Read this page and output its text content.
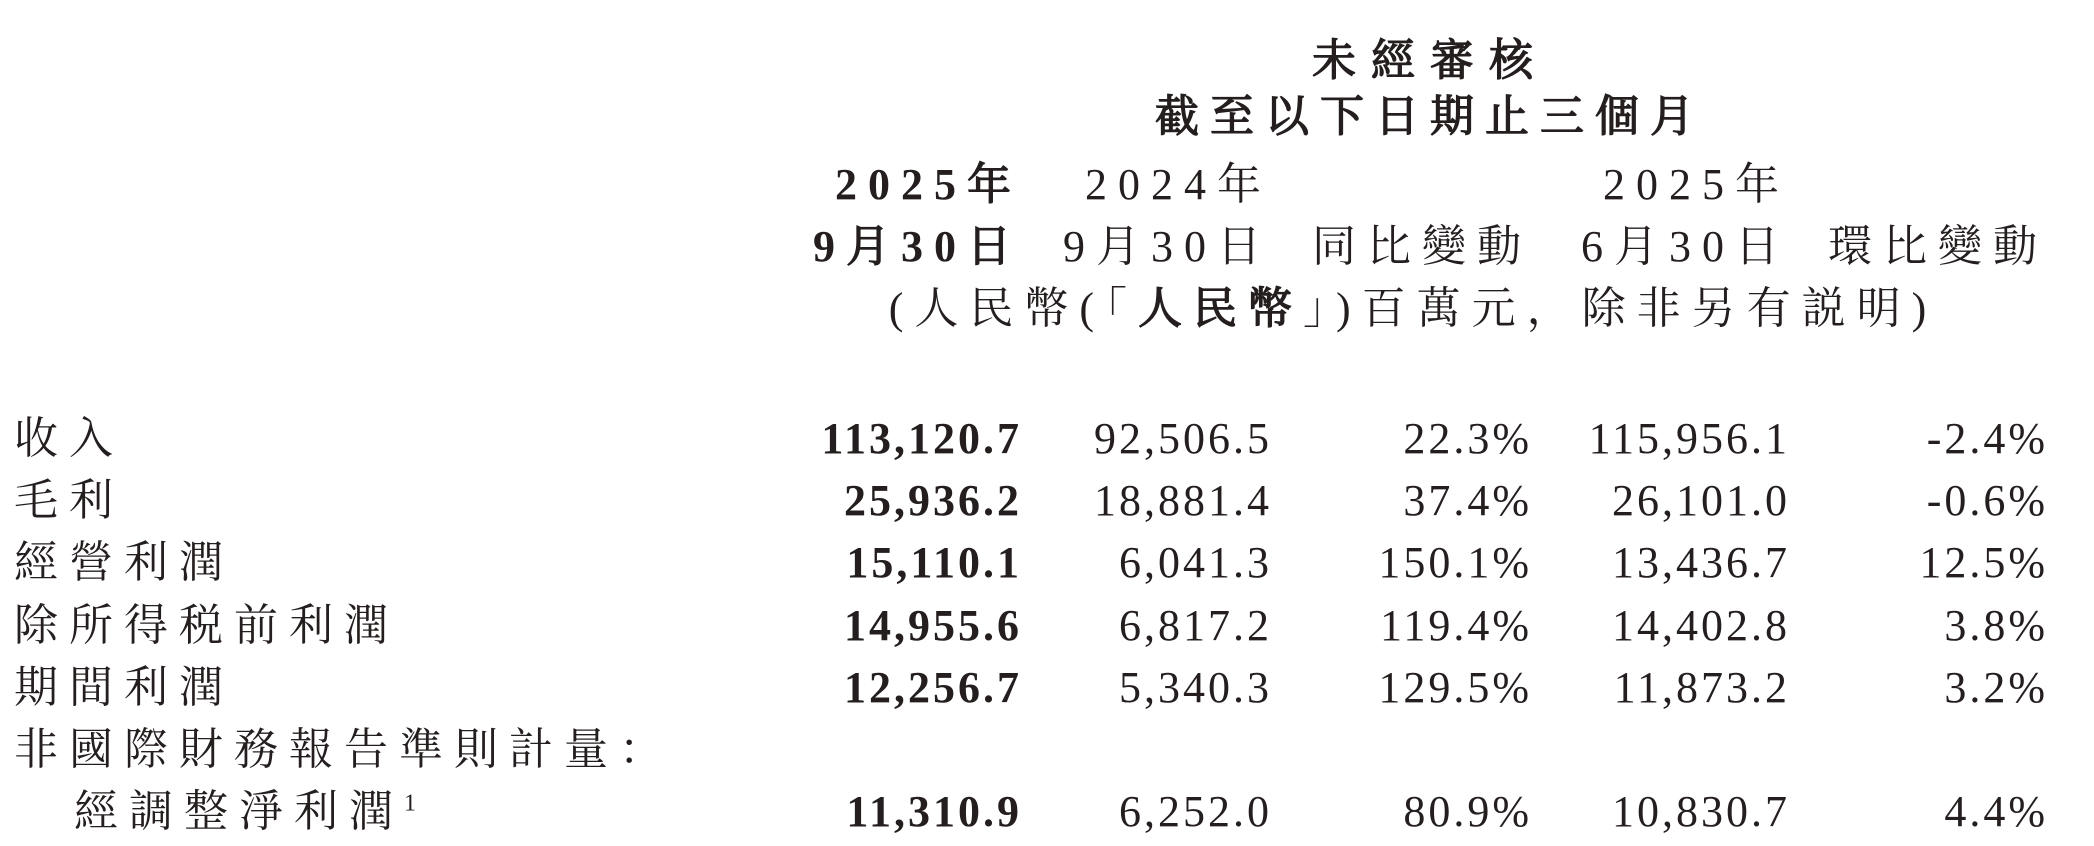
未經審核
截至以下日期止三個月
2025年 2024年	2025年
9月30日 9月30日 同比變動 6月30日 環比變動
(人民幣(「人民幣」)百萬元，除非另有説明)
收入	113,120.7 92,506.5	22.3% 115,956.1	-2.4%
毛利	25,936.2 18,881.4	37.4% 26,101.0	-0.6%
經營利潤	15,110.1 6,041.3 150.1% 13,436.7	12.5%
除所得税前利潤	14,955.6 6,817.2 119.4% 14,402.8	3.8%
期間利潤	12,256.7 5,340.3 129.5% 11,873.2	3.2%
非國際財務報告準則計量：
經調整淨利潤$^1$	11,310.9 6,252.0	80.9% 10,830.7	4.4%
